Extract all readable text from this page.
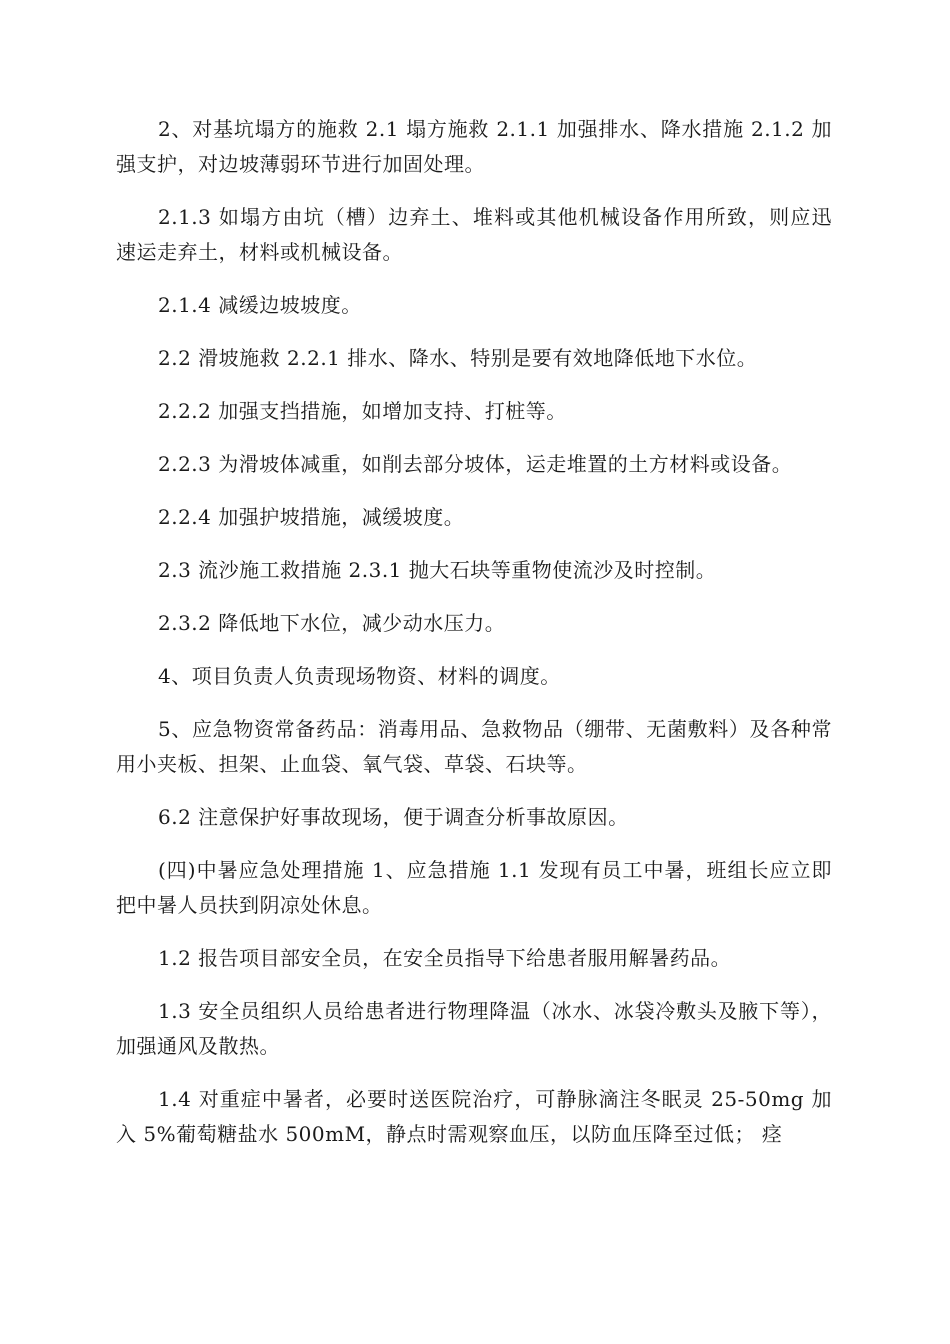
2、对基坑塌方的施救 2.1 塌方施救 2.1.1 加强排水、降水措施 2.1.2 加强支护，对边坡薄弱环节进行加固处理。

2.1.3 如塌方由坑（槽）边弃土、堆料或其他机械设备作用所致，则应迅速运走弃土，材料或机械设备。

2.1.4 减缓边坡坡度。

2.2 滑坡施救 2.2.1 排水、降水、特别是要有效地降低地下水位。

2.2.2 加强支挡措施，如增加支持、打桩等。

2.2.3 为滑坡体减重，如削去部分坡体，运走堆置的土方材料或设备。

2.2.4 加强护坡措施，减缓坡度。

2.3 流沙施工救措施 2.3.1 抛大石块等重物使流沙及时控制。

2.3.2 降低地下水位，减少动水压力。

4、项目负责人负责现场物资、材料的调度。

5、应急物资常备药品：消毒用品、急救物品（绷带、无菌敷料）及各种常用小夹板、担架、止血袋、氧气袋、草袋、石块等。

6.2 注意保护好事故现场，便于调查分析事故原因。

(四)中暑应急处理措施 1、应急措施 1.1 发现有员工中暑，班组长应立即把中暑人员扶到阴凉处休息。

1.2 报告项目部安全员，在安全员指导下给患者服用解暑药品。

1.3 安全员组织人员给患者进行物理降温（冰水、冰袋冷敷头及腋下等），加强通风及散热。

1.4 对重症中暑者，必要时送医院治疗，可静脉滴注冬眠灵 25-50mg 加入 5%葡萄糖盐水 500mM，静点时需观察血压，以防血压降至过低； 痉
